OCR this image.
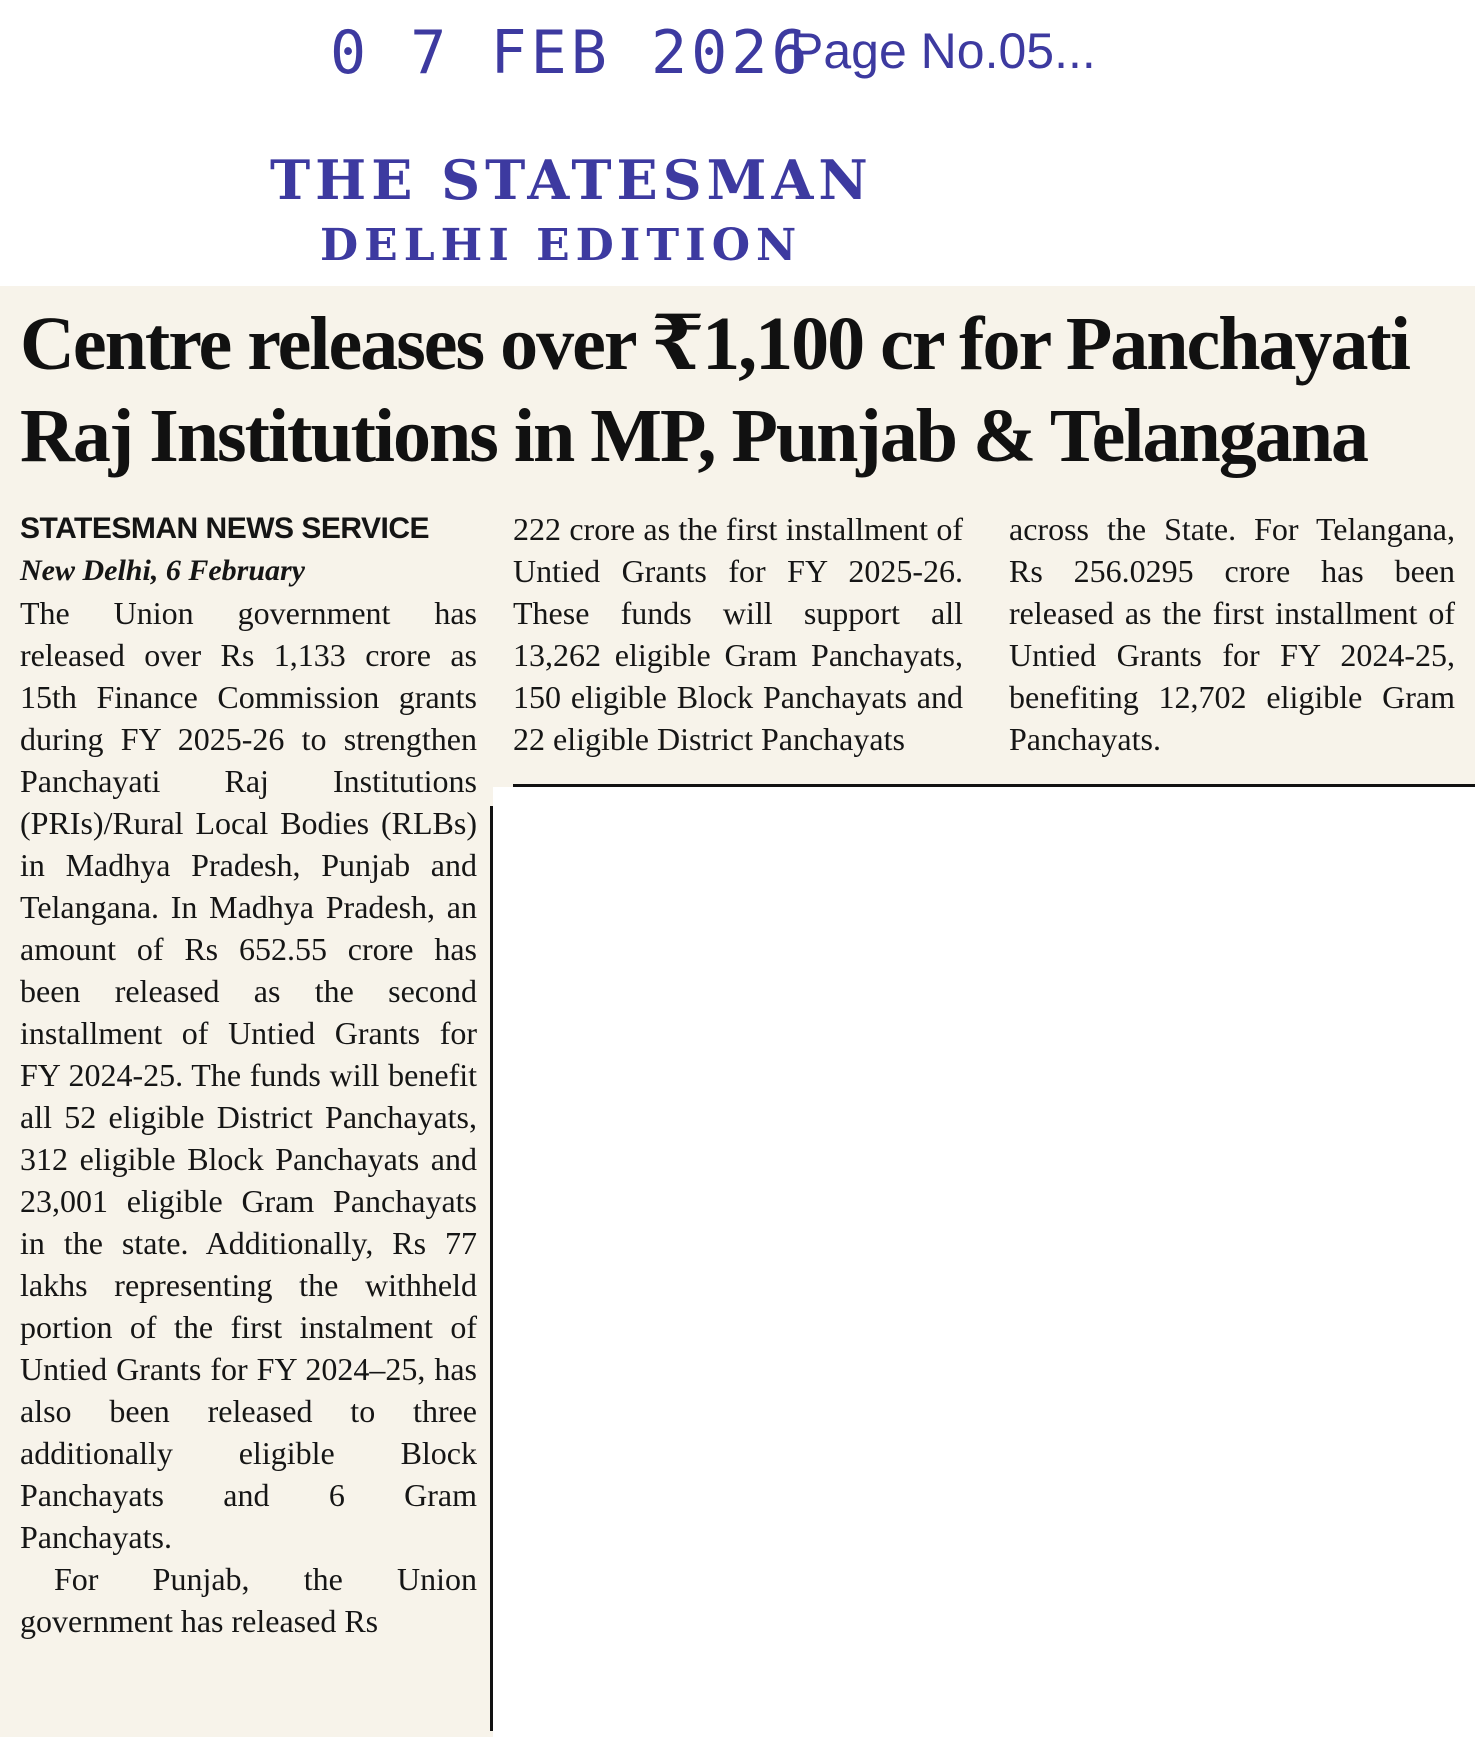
0 7 FEB 2026
Page No.05...
THE STATESMAN
DELHI EDITION
Centre releases over ₹1,100 cr for Panchayati Raj Institutions in MP, Punjab & Telangana
STATESMAN NEWS SERVICE
New Delhi, 6 February

The Union government has released over Rs 1,133 crore as 15th Finance Commission grants during FY 2025-26 to strengthen Panchayati Raj Institutions (PRIs)/Rural Local Bodies (RLBs) in Madhya Pradesh, Punjab and Telangana. In Madhya Pradesh, an amount of Rs 652.55 crore has been released as the second installment of Untied Grants for FY 2024-25. The funds will benefit all 52 eligible District Panchayats, 312 eligible Block Panchayats and 23,001 eligible Gram Panchayats in the state. Additionally, Rs 77 lakhs representing the withheld portion of the first instalment of Untied Grants for FY 2024–25, has also been released to three additionally eligible Block Panchayats and 6 Gram Panchayats.

For Punjab, the Union government has released Rs

222 crore as the first installment of Untied Grants for FY 2025-26. These funds will support all 13,262 eligible Gram Panchayats, 150 eligible Block Panchayats and 22 eligible District Panchayats

across the State. For Telangana, Rs 256.0295 crore has been released as the first installment of Untied Grants for FY 2024-25, benefiting 12,702 eligible Gram Panchayats.
